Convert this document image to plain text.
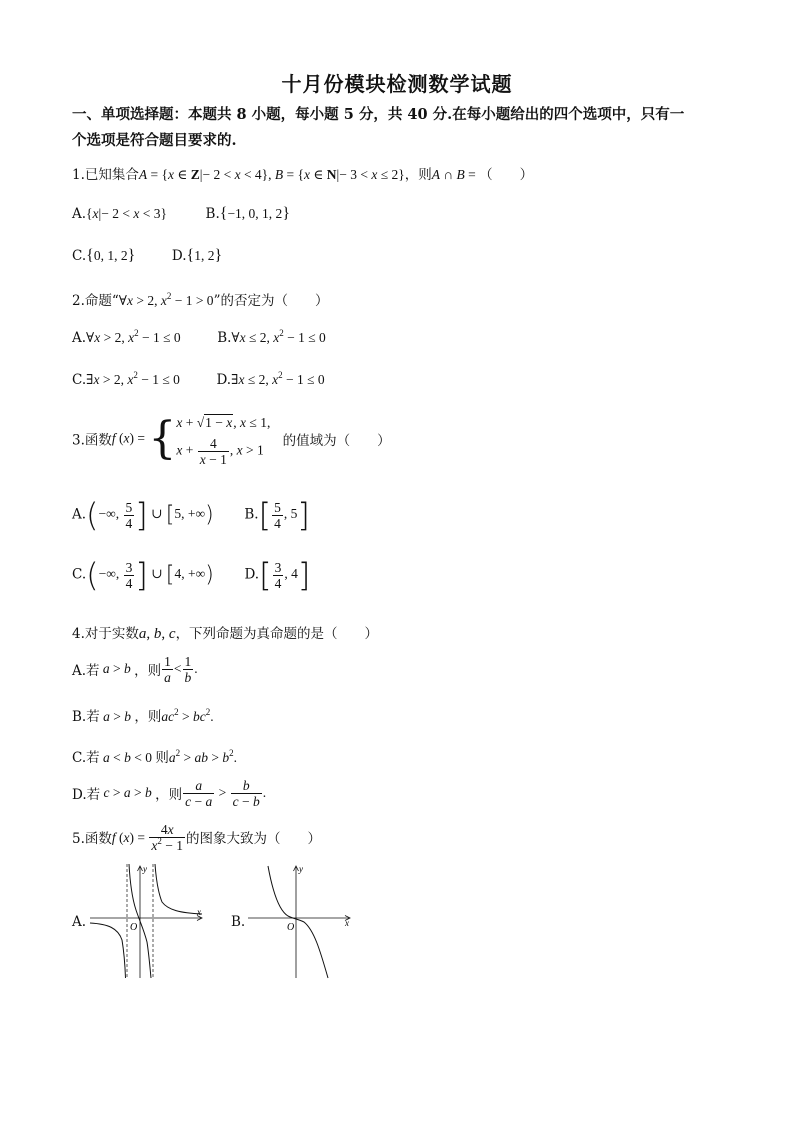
十月份模块检测数学试题
一、单项选择题：本题共 8 小题，每小题 5 分，共 40 分.在每小题给出的四个选项中，只有一
个选项是符合题目要求的.
1.已知集合A = {x ∈ Z|− 2 < x < 4}, B = {x ∈ N|− 3 < x ≤ 2}，则A ∩ B = （　　）
A.{x|− 2 < x < 3}	B.{−1, 0, 1, 2}
C.{0, 1, 2}	D.{1, 2}
2.命题“∀x > 2, $x^2 - 1 > 0$”的否定为（　　）
A.∀x > 2, $x^2 - 1 \le 0$	B.∀x ≤ 2, $x^2 - 1 \le 0$
C.∃x > 2, $x^2 - 1 \le 0$	D.∃x ≤ 2, $x^2 - 1 \le 0$
3.函数f (x) = { x + √1 − x, x ≤ 1,
$x + \frac{4}{x - 1}$ , x > 1
的值域为（　　）
A.(−∞, $\frac{5}{4}$ ] ∪ [5, +∞) $B.[ \frac{5}{4}$ , 5]
C.(−∞, $\frac{3}{4}$ ] ∪ [4, +∞) $D.[ \frac{3}{4}$ , 4]
4.对于实数a, b, c，下列命题为真命题的是（　　）
A.若 a > b ，则 $\frac{1}{a} < \frac{1}{b}$ .
B.若 a > b ，则$ac^2 > bc^2$.
C.若 a < b < 0 则$a^2$ > ab > $b^2$.
D.若 c > a > b ，则 $\frac{a}{c - a} > \frac{b}{c - b}$ .
5.函数f $(x) = \frac{4x}{x^2 - 1}$ 的图象大致为（　　）
A.
x
y
O	B.	x
y
O
